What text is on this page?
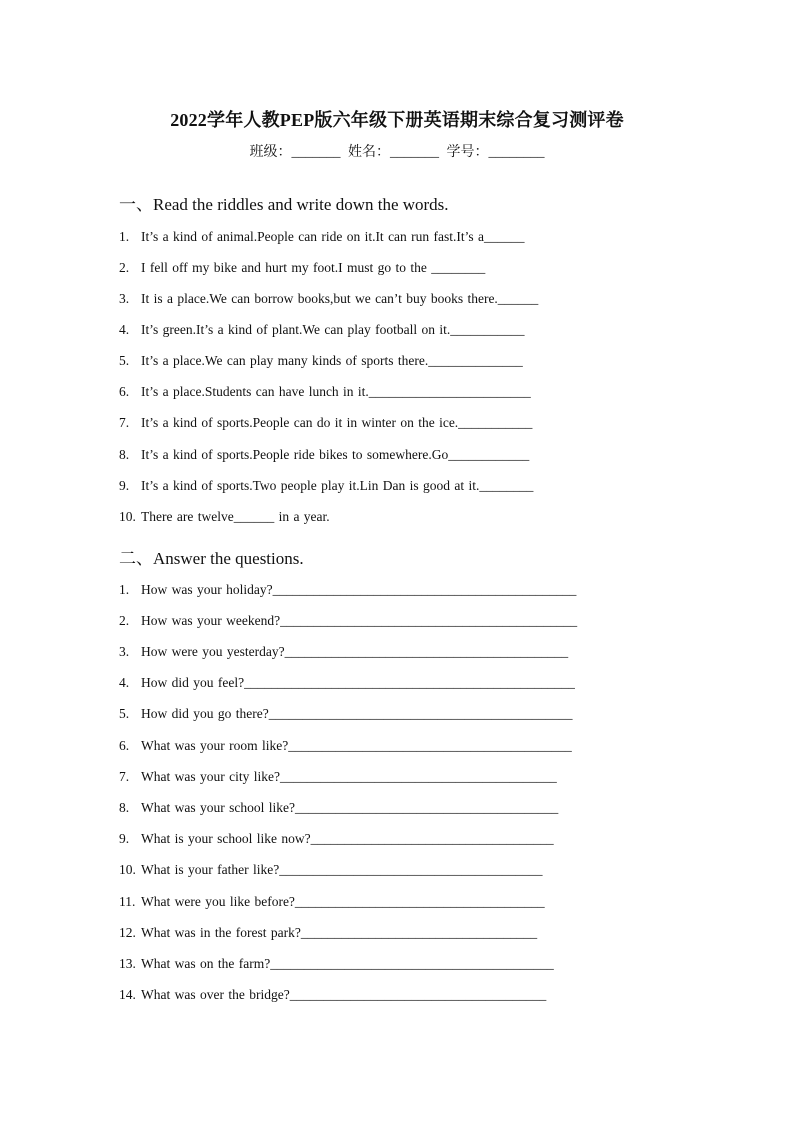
2022学年人教PEP版六年级下册英语期末综合复习测评卷
班级：_______ 姓名：_______ 学号：________
一、Read the riddles and write down the words.
1. It’s a kind of animal.People can ride on it.It can run fast.It’s a______
2. I fell off my bike and hurt my foot.I must go to the ________
3. It is a place.We can borrow books,but we can’t buy books there.______
4. It’s green.It’s a kind of plant.We can play football on it.___________
5. It’s a place.We can play many kinds of sports there.______________
6. It’s a place.Students can have lunch in it.________________________
7. It’s a kind of sports.People can do it in winter on the ice.___________
8. It’s a kind of sports.People ride bikes to somewhere.Go____________
9. It’s a kind of sports.Two people play it.Lin Dan is good at it.________
10. There are twelve______ in a year.
二、Answer the questions.
1. How was your holiday?_____________________________________________
2. How was your weekend?____________________________________________
3. How were you yesterday?__________________________________________
4. How did you feel?_________________________________________________
5. How did you go there?_____________________________________________
6. What was your room like?__________________________________________
7. What was your city like?_________________________________________
8. What was your school like?_______________________________________
9. What is your school like now?____________________________________
10. What is your father like?_______________________________________
11. What were you like before?_____________________________________
12. What was in the forest park?___________________________________
13. What was on the farm?__________________________________________
14. What was over the bridge?______________________________________
